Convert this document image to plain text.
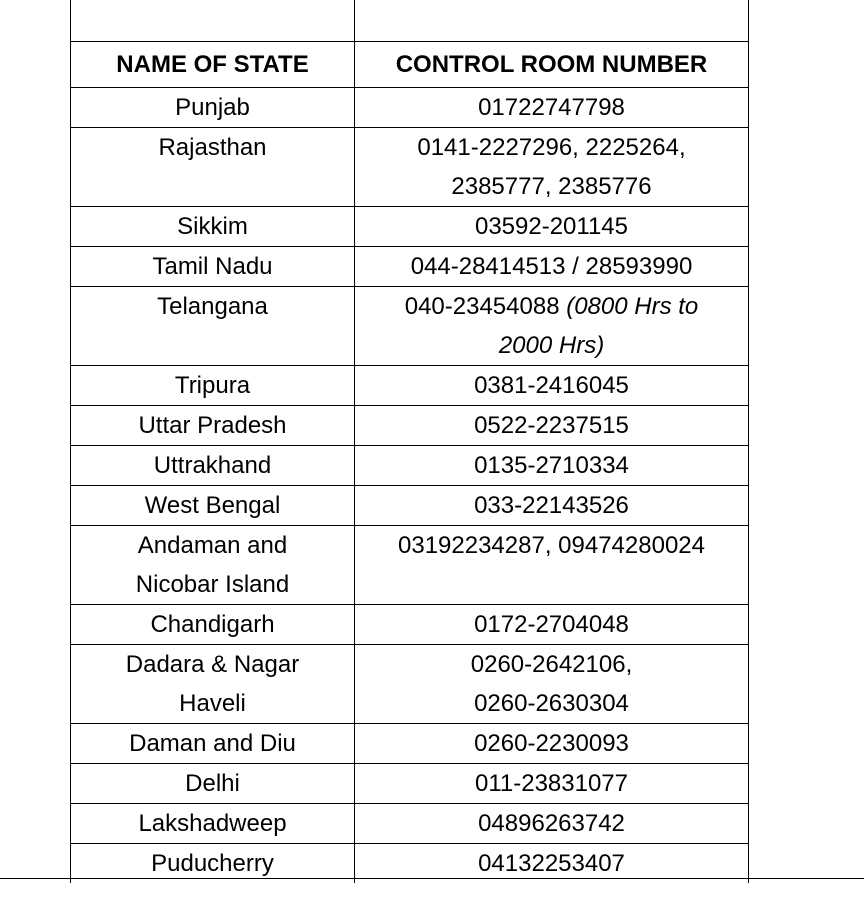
NAME OF STATE	CONTROL ROOM NUMBER

Punjab	01722747798

Rajasthan	0141-2227296, 2225264,
2385777, 2385776

Sikkim	03592-201145

Tamil Nadu	044-28414513 / 28593990

Telangana	040-23454088 (0800 Hrs to
2000 Hrs)

Tripura	0381-2416045

Uttar Pradesh	0522-2237515

Uttrakhand	0135-2710334

West Bengal	033-22143526

Andaman and
Nicobar Island	03192234287, 09474280024

Chandigarh	0172-2704048

Dadara & Nagar
Haveli	0260-2642106,
0260-2630304

Daman and Diu	0260-2230093

Delhi	011-23831077

Lakshadweep	04896263742

Puducherry	04132253407
